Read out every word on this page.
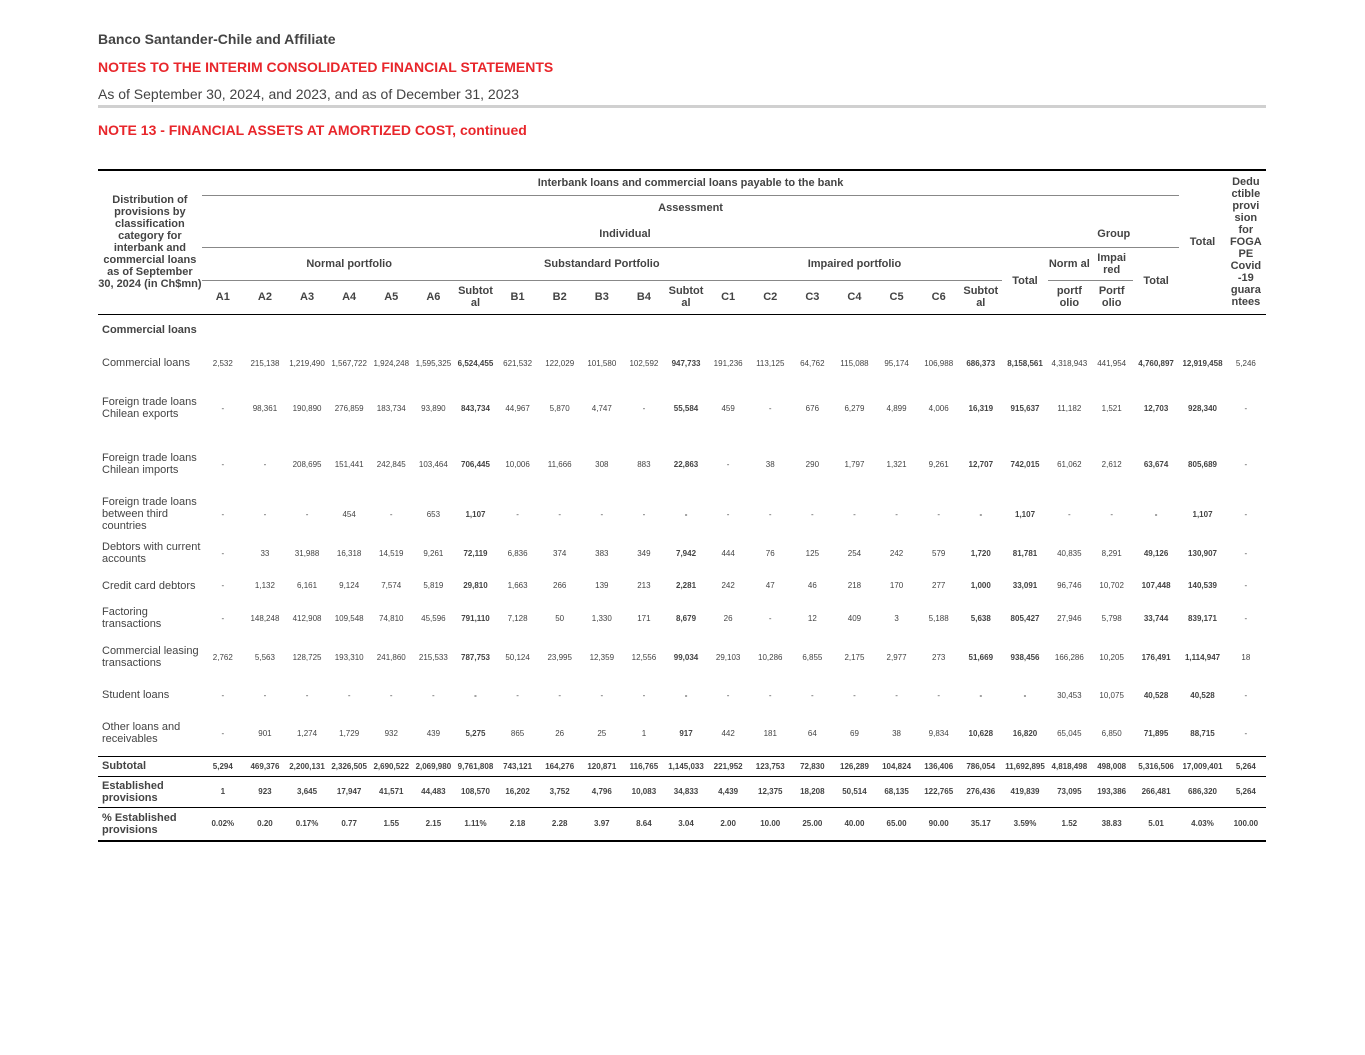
Banco Santander-Chile and Affiliate
NOTES TO THE INTERIM CONSOLIDATED FINANCIAL STATEMENTS
As of September 30, 2024, and 2023, and as of December 31, 2023
NOTE 13 - FINANCIAL ASSETS AT AMORTIZED COST, continued
Distribution of provisions by classification category for interbank and commercial loans as of September 30, 2024 (in Ch$mn)	Interbank loans and commercial loans payable to the bank																							Total	Dedu ctible provi sion for FOGA PE Covid -19 guara ntees
	Assessment																								
	Individual																				Group				
	Normal portfolio							Substandard Portfolio					Impaired portfolio							Total	Norm al	Impai red	Total		
	A1	A2	A3	A4	A5	A6	Subtot al	B1	B2	B3	B4	Subtot al	C1	C2	C3	C4	C5	C6	Subtot al		portf olio	Portf olio			

Commercial loans																									
Commercial loans	2,532	215,138	1,219,490	1,567,722	1,924,248	1,595,325	6,524,455	621,532	122,029	101,580	102,592	947,733	191,236	113,125	64,762	115,088	95,174	106,988	686,373	8,158,561	4,318,943	441,954	4,760,897	12,919,458	5,246
Foreign trade loans Chilean exports	-	98,361	190,890	276,859	183,734	93,890	843,734	44,967	5,870	4,747	-	55,584	459	-	676	6,279	4,899	4,006	16,319	915,637	11,182	1,521	12,703	928,340	-
Foreign trade loans Chilean imports	-	-	208,695	151,441	242,845	103,464	706,445	10,006	11,666	308	883	22,863	-	38	290	1,797	1,321	9,261	12,707	742,015	61,062	2,612	63,674	805,689	-
Foreign trade loans between third countries	-	-	-	454	-	653	1,107	-	-	-	-	-	-	-	-	-	-	-	-	1,107	-	-	-	1,107	-
Debtors with current accounts	-	33	31,988	16,318	14,519	9,261	72,119	6,836	374	383	349	7,942	444	76	125	254	242	579	1,720	81,781	40,835	8,291	49,126	130,907	-
Credit card debtors	-	1,132	6,161	9,124	7,574	5,819	29,810	1,663	266	139	213	2,281	242	47	46	218	170	277	1,000	33,091	96,746	10,702	107,448	140,539	-
Factoring transactions	-	148,248	412,908	109,548	74,810	45,596	791,110	7,128	50	1,330	171	8,679	26	-	12	409	3	5,188	5,638	805,427	27,946	5,798	33,744	839,171	-
Commercial leasing transactions	2,762	5,563	128,725	193,310	241,860	215,533	787,753	50,124	23,995	12,359	12,556	99,034	29,103	10,286	6,855	2,175	2,977	273	51,669	938,456	166,286	10,205	176,491	1,114,947	18
Student loans	-	-	-	-	-	-	-	-	-	-	-	-	-	-	-	-	-	-	-	-	30,453	10,075	40,528	40,528	-
Other loans and receivables	-	901	1,274	1,729	932	439	5,275	865	26	25	1	917	442	181	64	69	38	9,834	10,628	16,820	65,045	6,850	71,895	88,715	-
Subtotal	5,294	469,376	2,200,131	2,326,505	2,690,522	2,069,980	9,761,808	743,121	164,276	120,871	116,765	1,145,033	221,952	123,753	72,830	126,289	104,824	136,406	786,054	11,692,895	4,818,498	498,008	5,316,506	17,009,401	5,264
Established provisions	1	923	3,645	17,947	41,571	44,483	108,570	16,202	3,752	4,796	10,083	34,833	4,439	12,375	18,208	50,514	68,135	122,765	276,436	419,839	73,095	193,386	266,481	686,320	5,264
% Established provisions	0.02%	0.20	0.17%	0.77	1.55	2.15	1.11%	2.18	2.28	3.97	8.64	3.04	2.00	10.00	25.00	40.00	65.00	90.00	35.17	3.59%	1.52	38.83	5.01	4.03%	100.00
